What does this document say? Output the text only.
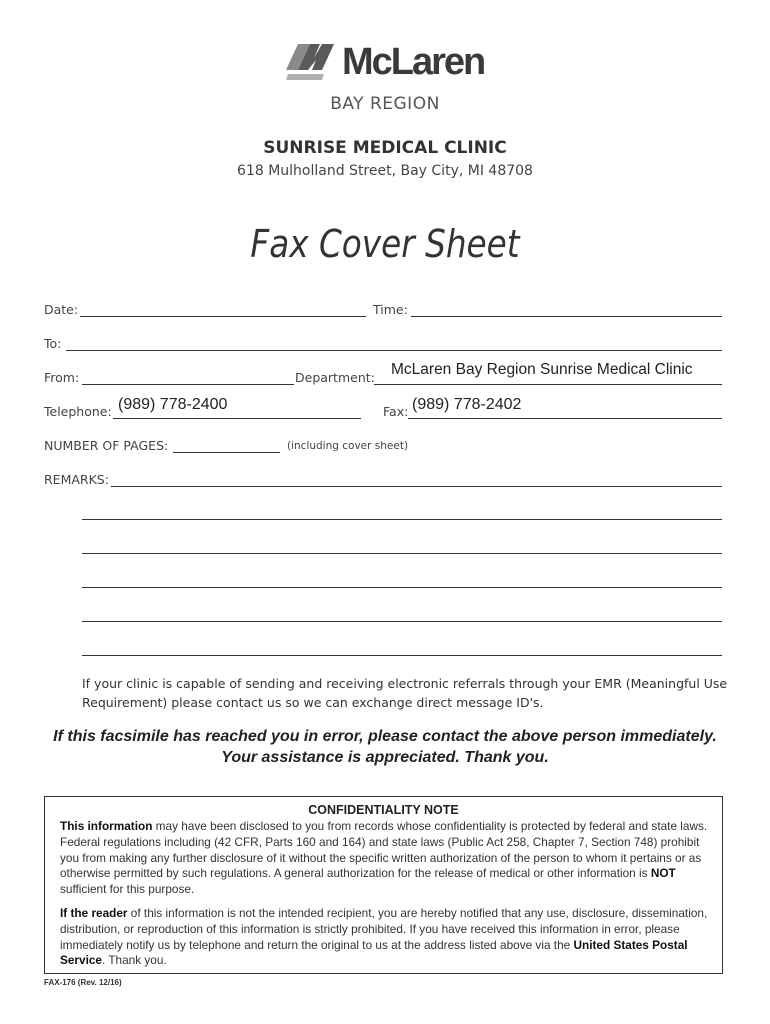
McLaren
BAY REGION
SUNRISE MEDICAL CLINIC
618 Mulholland Street, Bay City, MI 48708
Fax Cover Sheet
Date:	Time:
To:
From:	Department: McLaren Bay Region Sunrise Medical Clinic
Telephone: (989) 778-2400	Fax: (989) 778-2402
NUMBER OF PAGES:	(including cover sheet)
REMARKS:
If your clinic is capable of sending and receiving electronic referrals through your EMR (Meaningful Use Requirement) please contact us so we can exchange direct message ID's.
If this facsimile has reached you in error, please contact the above person immediately.
Your assistance is appreciated. Thank you.
CONFIDENTIALITY NOTE
This information may have been disclosed to you from records whose confidentiality is protected by federal and state laws. Federal regulations including (42 CFR, Parts 160 and 164) and state laws (Public Act 258, Chapter 7, Section 748) prohibit you from making any further disclosure of it without the specific written authorization of the person to whom it pertains or as otherwise permitted by such regulations. A general authorization for the release of medical or other information is NOT sufficient for this purpose.
If the reader of this information is not the intended recipient, you are hereby notified that any use, disclosure, dissemination, distribution, or reproduction of this information is strictly prohibited. If you have received this information in error, please immediately notify us by telephone and return the original to us at the address listed above via the United States Postal Service. Thank you.
FAX-176 (Rev. 12/16)
